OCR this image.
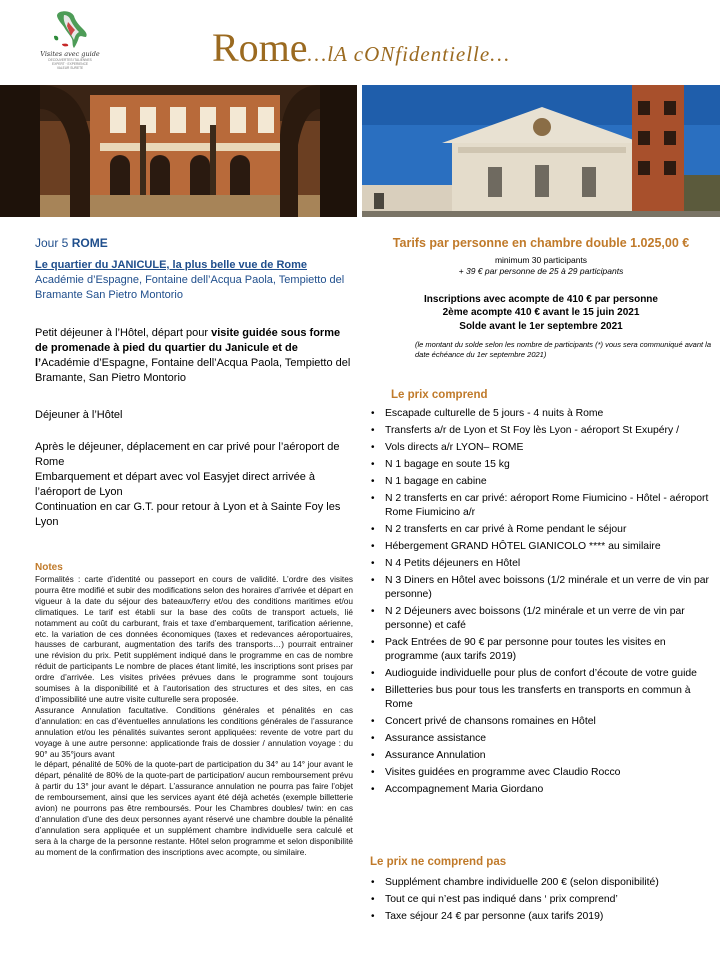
Visites avec guide
DECOUVERTES ITALIENNES
EXPERT · EXPERIENCE
VALEUR SURETE	Rome…lA cONfidentielle…
Jour 5 ROME
Le quartier du JANICULE, la plus belle vue de Rome Académie d’Espagne, Fontaine dell’Acqua Paola, Tempietto del Bramante San Pietro Montorio
Petit déjeuner à l’Hôtel, départ pour visite guidée sous forme de promenade à pied du quartier du Janicule et de l’Académie d’Espagne, Fontaine dell’Acqua Paola, Tempietto del Bramante, San Pietro Montorio
Déjeuner à l’Hôtel
Après le déjeuner, déplacement en car privé pour l’aéroport de Rome
Embarquement et départ avec vol Easyjet direct arrivée à l’aéroport de Lyon
Continuation en car G.T. pour retour à Lyon et à Sainte Foy les Lyon
Notes

Formalités : carte d’identité ou passeport en cours de validité. L’ordre des visites pourra être modifié et subir des modifications selon des horaires d’arrivée et départ en vigueur à la date du séjour des bateaux/ferry et/ou des conditions maritimes et/ou climatiques. Le tarif est établi sur la base des coûts de transport actuels, lié notamment au coût du carburant, frais et taxe d’embarquement, tarification aérienne, etc. la variation de ces données économiques (taxes et redevances aéroportuaires, hausses de carburant, augmentation des tarifs des transports…) pourrait entrainer une révision du prix. Petit supplément indiqué dans le programme en cas de nombre réduit de participants Le nombre de places étant limité, les inscriptions sont prises par ordre d’arrivée. Les visites privées prévues dans le programme sont toujours soumises à la disponibilité et à l’autorisation des structures et des sites, en cas d’impossibilité une autre visite culturelle sera proposée.

Assurance Annulation facultative. Conditions générales et pénalités en cas d’annulation: en cas d’éventuelles annulations les conditions générales de l’assurance annulation et/ou les pénalités suivantes seront appliquées: revente de votre part du voyage à une autre personne: applicationde frais de dossier / annulation voyage : du 90° au 35°jours avant

le départ, pénalité de 50% de la quote-part de participation du 34° au 14° jour avant le départ, pénalité de 80% de la quote-part de participation/ aucun remboursement prévu à partir du 13° jour avant le départ. L’assurance annulation ne pourra pas faire l’objet de remboursement, ainsi que les services ayant été déjà achetés (exemple billetterie avion) ne pourrons pas être remboursés. Pour les Chambres doubles/ twin: en cas d’annulation d’une des deux personnes ayant réservé une chambre double la pénalité d’annulation sera appliquée et un supplément chambre individuelle sera calculé et sera à la charge de la personne restante. Hôtel selon programme et selon disponibilité au moment de la confirmation des inscriptions avec acompte, ou similaire.

Tarifs par personne en chambre double 1.025,00 €
minimum 30 participants
+ 39 € par personne de 25 à 29 participants
Inscriptions avec acompte de 410 € par personne
2ème acompte 410 € avant le 15 juin 2021
Solde avant le 1er septembre 2021
(le montant du solde selon les nombre de participants (*) vous sera communiqué avant la date échéance du 1er septembre 2021)
Le prix comprend
• Escapade culturelle de 5 jours - 4 nuits à Rome
• Transferts a/r de Lyon et St Foy lès Lyon - aéroport St Exupéry /
• Vols directs a/r LYON– ROME
• N 1 bagage en soute 15 kg
• N 1 bagage en cabine
• N 2 transferts en car privé: aéroport Rome Fiumicino - Hôtel - aéroport Rome Fiumicino a/r
• N 2 transferts en car privé à Rome pendant le séjour
• Hébergement GRAND HÔTEL GIANICOLO **** au similaire
• N 4 Petits déjeuners en Hôtel
• N 3 Diners en Hôtel avec boissons (1/2 minérale et un verre de vin par personne)
• N 2 Déjeuners avec boissons (1/2 minérale et un verre de vin par personne) et café
• Pack Entrées de 90 € par personne pour toutes les visites en programme (aux tarifs 2019)
• Audioguide individuelle pour plus de confort d’écoute de votre guide
• Billetteries bus pour tous les transferts en transports en commun à Rome
• Concert privé de chansons romaines en Hôtel
• Assurance assistance
• Assurance Annulation
• Visites guidées en programme avec Claudio Rocco
• Accompagnement Maria Giordano
Le prix ne comprend pas
• Supplément chambre individuelle 200 € (selon disponibilité)
• Tout ce qui n’est pas indiqué dans ‘ prix comprend’
• Taxe séjour 24 € par personne (aux tarifs 2019)
